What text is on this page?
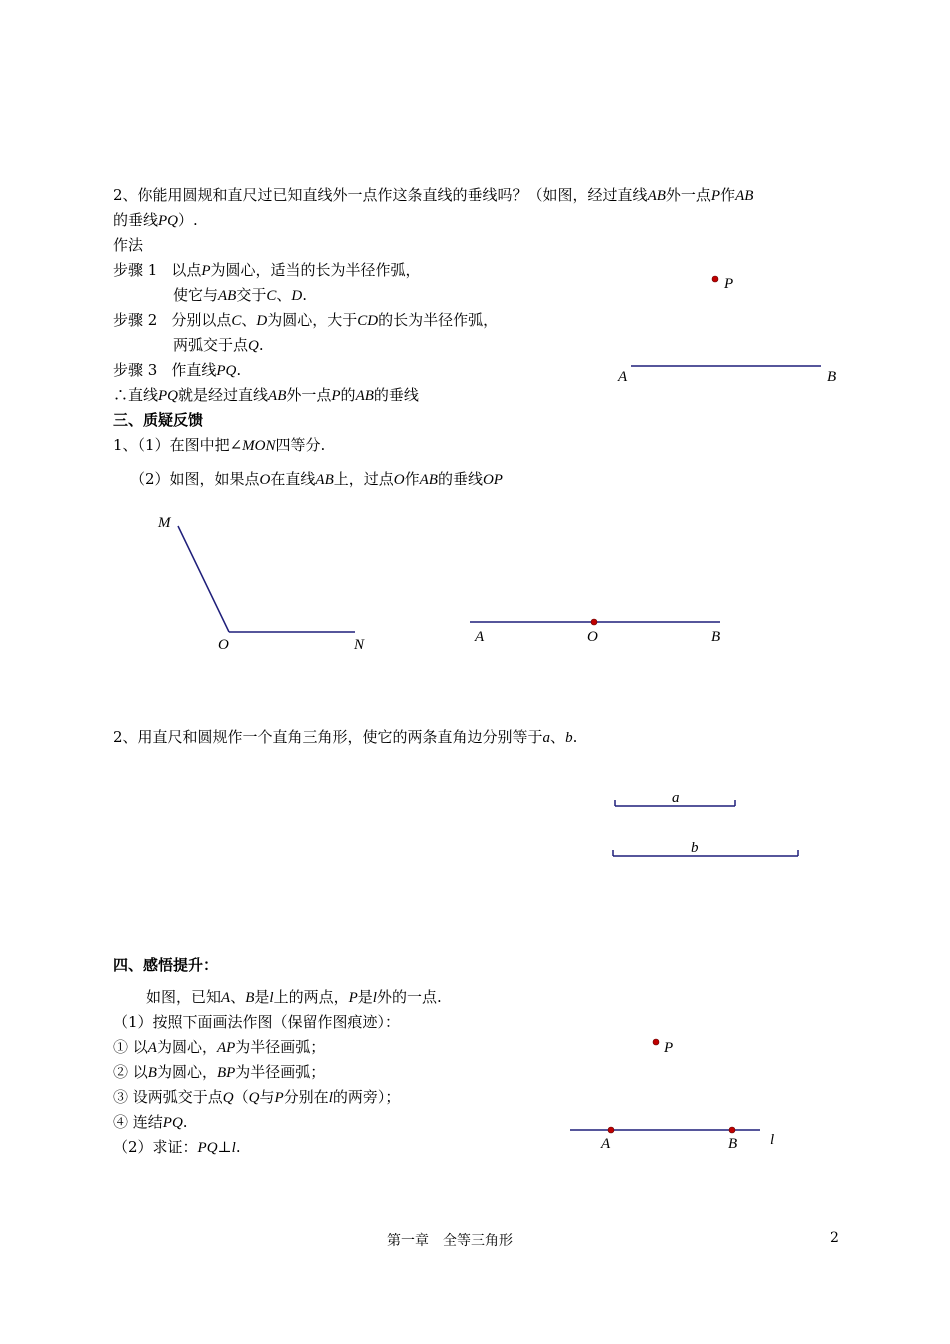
P
A	B
M
O	N	A	O	B
a
b
P
A	B l
2、你能用圆规和直尺过已知直线外一点作这条直线的垂线吗？（如图，经过直线AB外一点P作AB
的垂线PQ）.
作法
步骤 1 以点P为圆心，适当的长为半径作弧，
使它与AB交于C、D.
步骤 2 分别以点C、D为圆心，大于CD的长为半径作弧，
两弧交于点Q.
步骤 3 作直线PQ.
∴直线PQ就是经过直线AB外一点P的AB的垂线
三、质疑反馈
1、（1）在图中把∠MON四等分.
（2）如图，如果点O在直线AB上，过点O作AB的垂线OP
2、用直尺和圆规作一个直角三角形，使它的两条直角边分别等于a、b.
四、感悟提升：
如图，已知A、B是l上的两点，P是l外的一点.
（1）按照下面画法作图（保留作图痕迹）：
① 以A为圆心，AP为半径画弧；
② 以B为圆心，BP为半径画弧；
③ 设两弧交于点Q（Q与P分别在l的两旁）；
④ 连结PQ.
（2）求证：PQ⊥l.
第一章　全等三角形	2
